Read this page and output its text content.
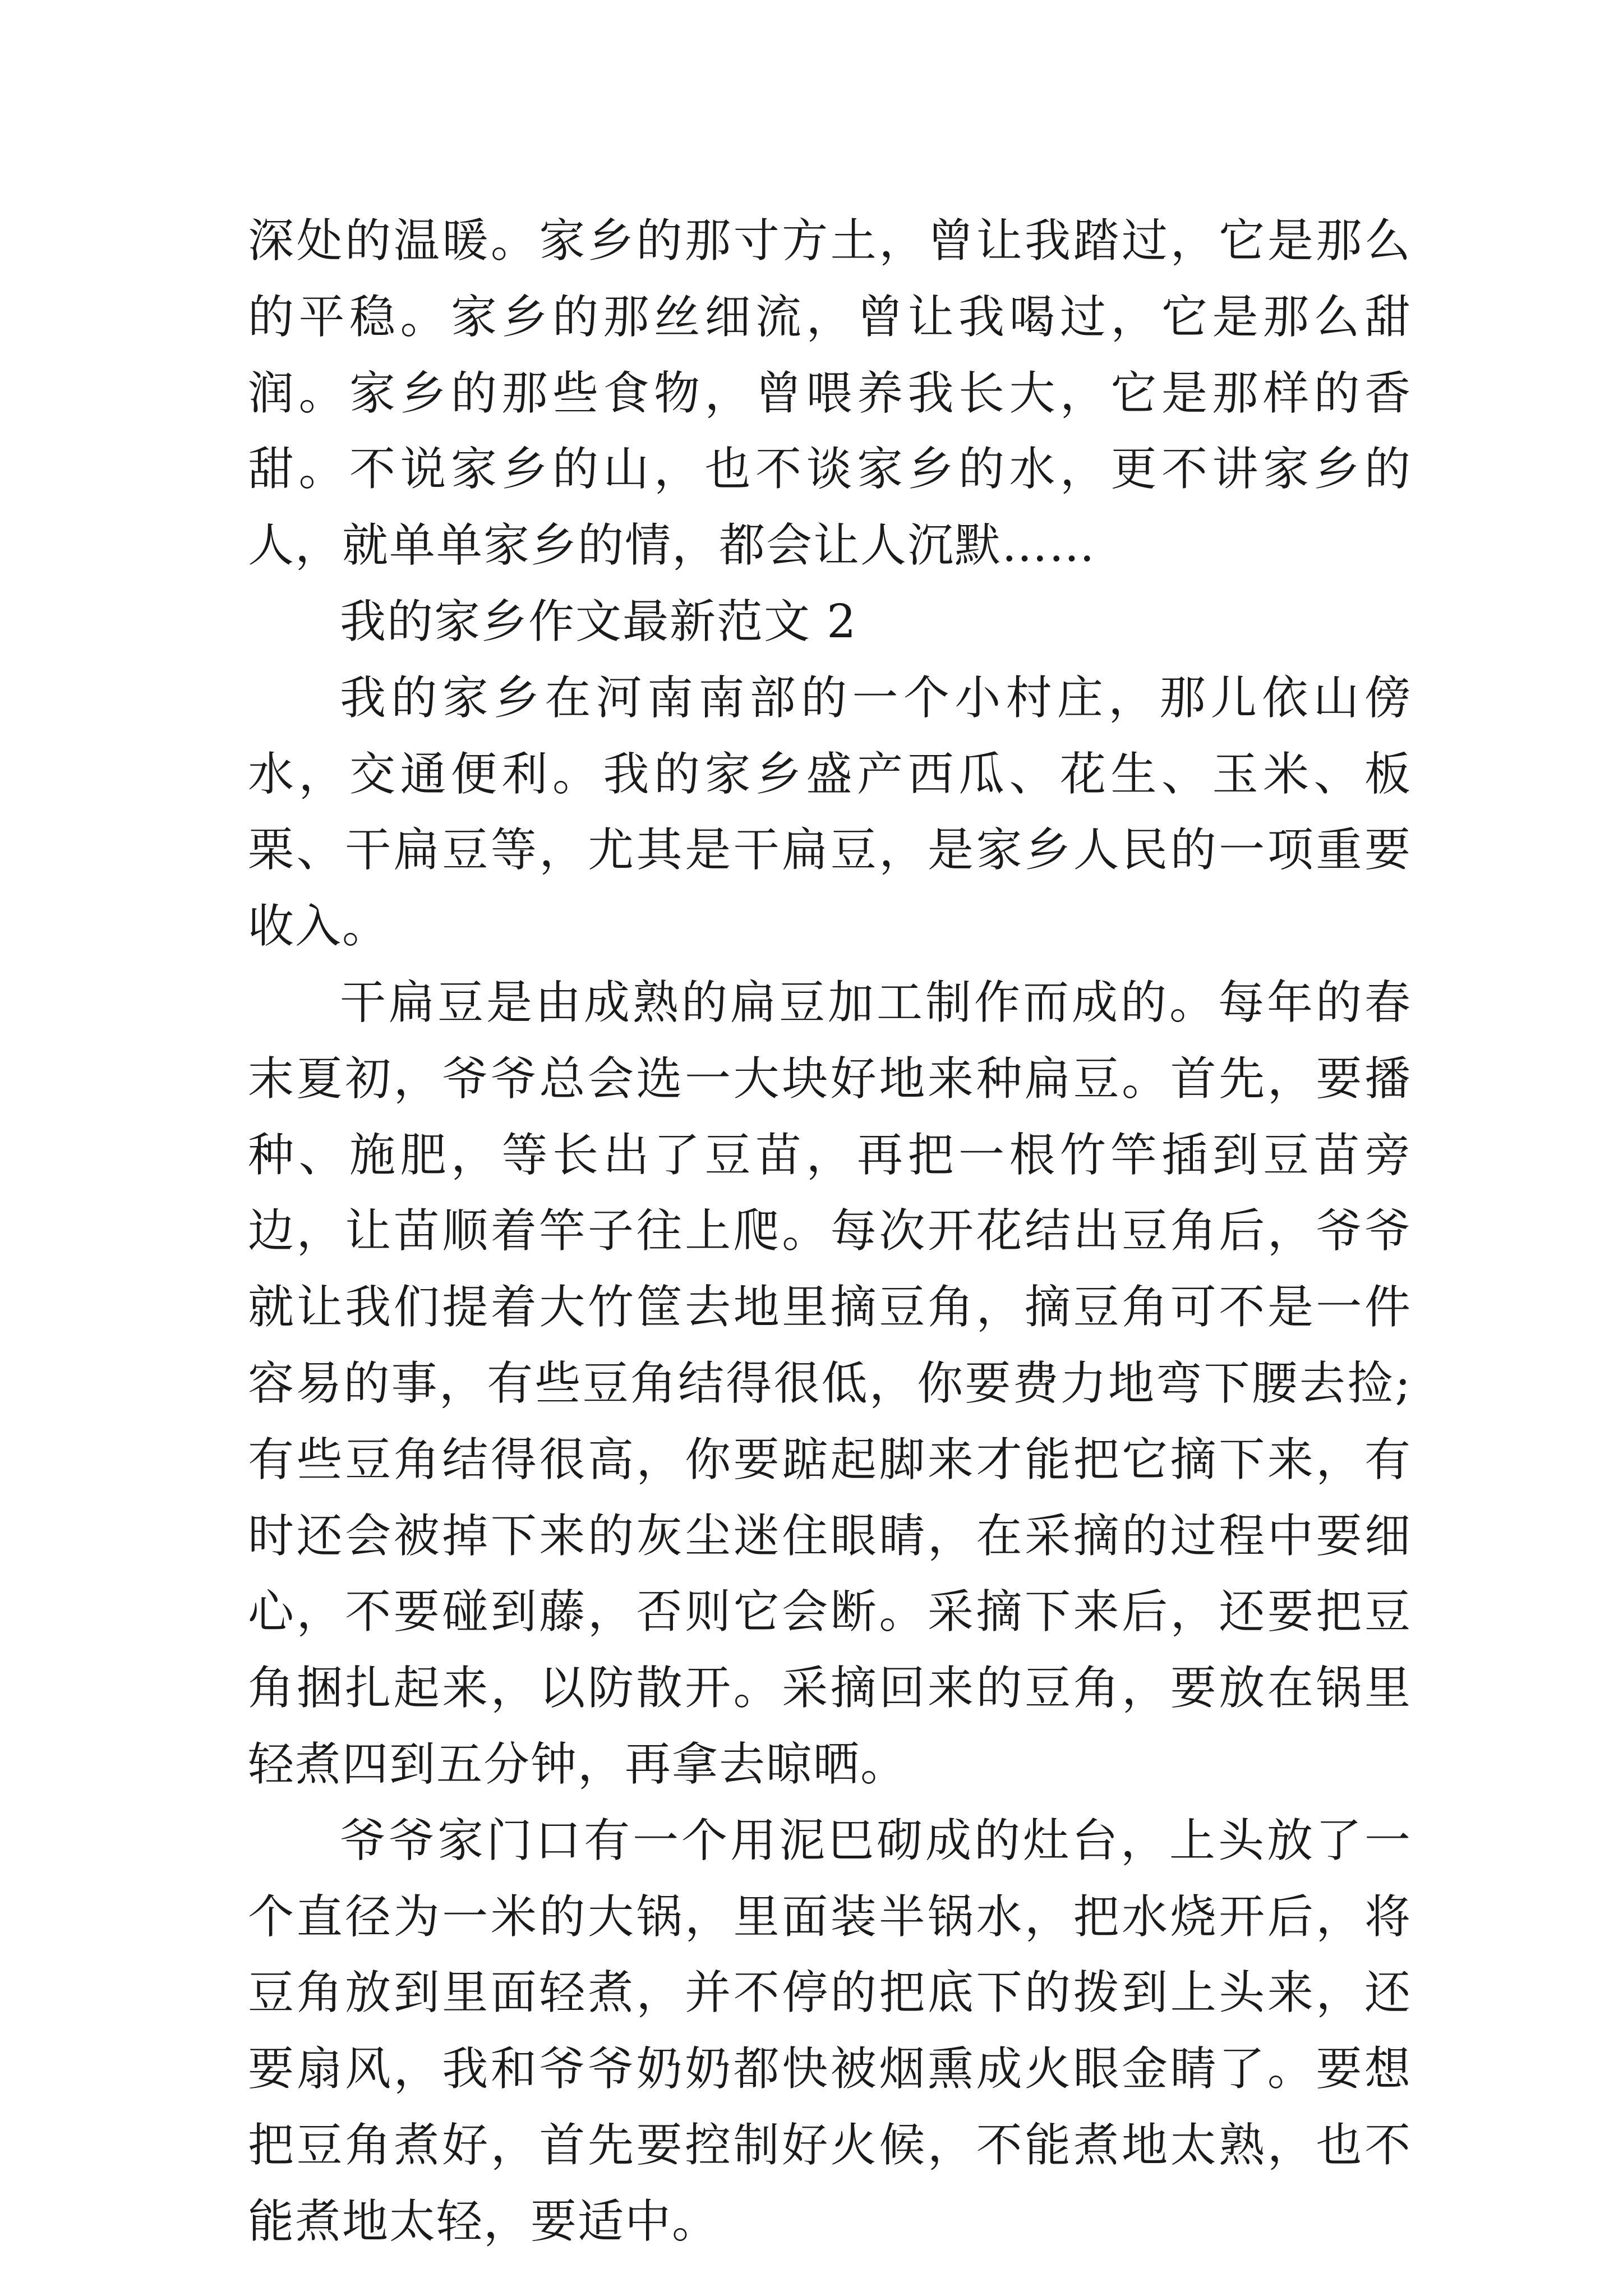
深处的温暖。家乡的那寸方土，曾让我踏过，它是那么的平稳。家乡的那丝细流，曾让我喝过，它是那么甜润。家乡的那些食物，曾喂养我长大，它是那样的香甜。不说家乡的山，也不谈家乡的水，更不讲家乡的人，就单单家乡的情，都会让人沉默……

我的家乡作文最新范文 2

我的家乡在河南南部的一个小村庄，那儿依山傍水，交通便利。我的家乡盛产西瓜、花生、玉米、板栗、干扁豆等，尤其是干扁豆，是家乡人民的一项重要收入。

干扁豆是由成熟的扁豆加工制作而成的。每年的春末夏初，爷爷总会选一大块好地来种扁豆。首先，要播种、施肥，等长出了豆苗，再把一根竹竿插到豆苗旁边，让苗顺着竿子往上爬。每次开花结出豆角后，爷爷就让我们提着大竹筐去地里摘豆角，摘豆角可不是一件容易的事，有些豆角结得很低，你要费力地弯下腰去捡;有些豆角结得很高，你要踮起脚来才能把它摘下来，有时还会被掉下来的灰尘迷住眼睛，在采摘的过程中要细心，不要碰到藤，否则它会断。采摘下来后，还要把豆角捆扎起来，以防散开。采摘回来的豆角，要放在锅里轻煮四到五分钟，再拿去晾晒。

爷爷家门口有一个用泥巴砌成的灶台，上头放了一个直径为一米的大锅，里面装半锅水，把水烧开后，将豆角放到里面轻煮，并不停的把底下的拨到上头来，还要扇风，我和爷爷奶奶都快被烟熏成火眼金睛了。要想把豆角煮好，首先要控制好火候，不能煮地太熟，也不能煮地太轻，要适中。
